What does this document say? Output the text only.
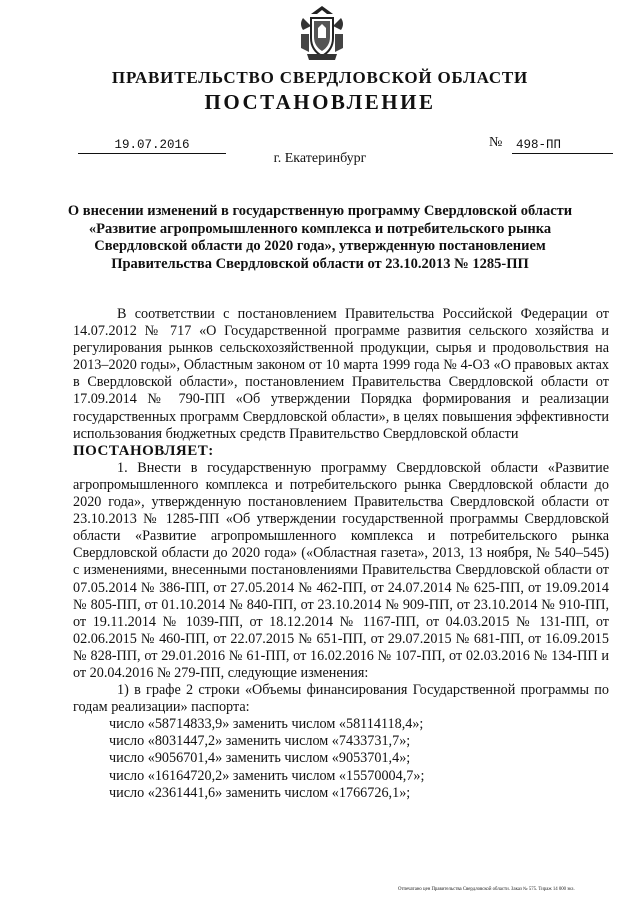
ПРАВИТЕЛЬСТВО СВЕРДЛОВСКОЙ ОБЛАСТИ
ПОСТАНОВЛЕНИЕ
19.07.2016	№	498-ПП
г. Екатеринбург
О внесении изменений в государственную программу Свердловской области
«Развитие агропромышленного комплекса и потребительского рынка
Свердловской области до 2020 года», утвержденную постановлением
Правительства Свердловской области от 23.10.2013 № 1285-ПП

В соответствии с постановлением Правительства Российской Федерации от 14.07.2012 № 717 «О Государственной программе развития сельского хозяйства и регулирования рынков сельскохозяйственной продукции, сырья и продовольствия на 2013–2020 годы», Областным законом от 10 марта 1999 года № 4-ОЗ «О правовых актах в Свердловской области», постановлением Правительства Свердловской области от 17.09.2014 № 790-ПП «Об утверждении Порядка формирования и реализации государственных программ Свердловской области», в целях повышения эффективности использования бюджетных средств Правительство Свердловской области

ПОСТАНОВЛЯЕТ:

1. Внести в государственную программу Свердловской области «Развитие агропромышленного комплекса и потребительского рынка Свердловской области до 2020 года», утвержденную постановлением Правительства Свердловской области от 23.10.2013 № 1285-ПП «Об утверждении государственной программы Свердловской области «Развитие агропромышленного комплекса и потребительского рынка Свердловской области до 2020 года» («Областная газета», 2013, 13 ноября, № 540–545) с изменениями, внесенными постановлениями Правительства Свердловской области от 07.05.2014 № 386-ПП, от 27.05.2014 № 462-ПП, от 24.07.2014 № 625-ПП, от 19.09.2014 № 805-ПП, от 01.10.2014 № 840-ПП, от 23.10.2014 № 909-ПП, от 23.10.2014 № 910-ПП, от 19.11.2014 № 1039-ПП, от 18.12.2014 № 1167-ПП, от 04.03.2015 № 131-ПП, от 02.06.2015 № 460-ПП, от 22.07.2015 № 651-ПП, от 29.07.2015 № 681-ПП, от 16.09.2015 № 828-ПП, от 29.01.2016 № 61-ПП, от 16.02.2016 № 107-ПП, от 02.03.2016 № 134-ПП и от 20.04.2016 № 279-ПП, следующие изменения:

1) в графе 2 строки «Объемы финансирования Государственной программы по годам реализации» паспорта:

число «58714833,9» заменить числом «58114118,4»;

число «8031447,2» заменить числом «7433731,7»;

число «9056701,4» заменить числом «9053701,4»;

число «16164720,2» заменить числом «15570004,7»;

число «2361441,6» заменить числом «1766726,1»;

Отпечатано цен Правительства Свердловской области. Заказ № 575. Тираж 14 000 экз.
